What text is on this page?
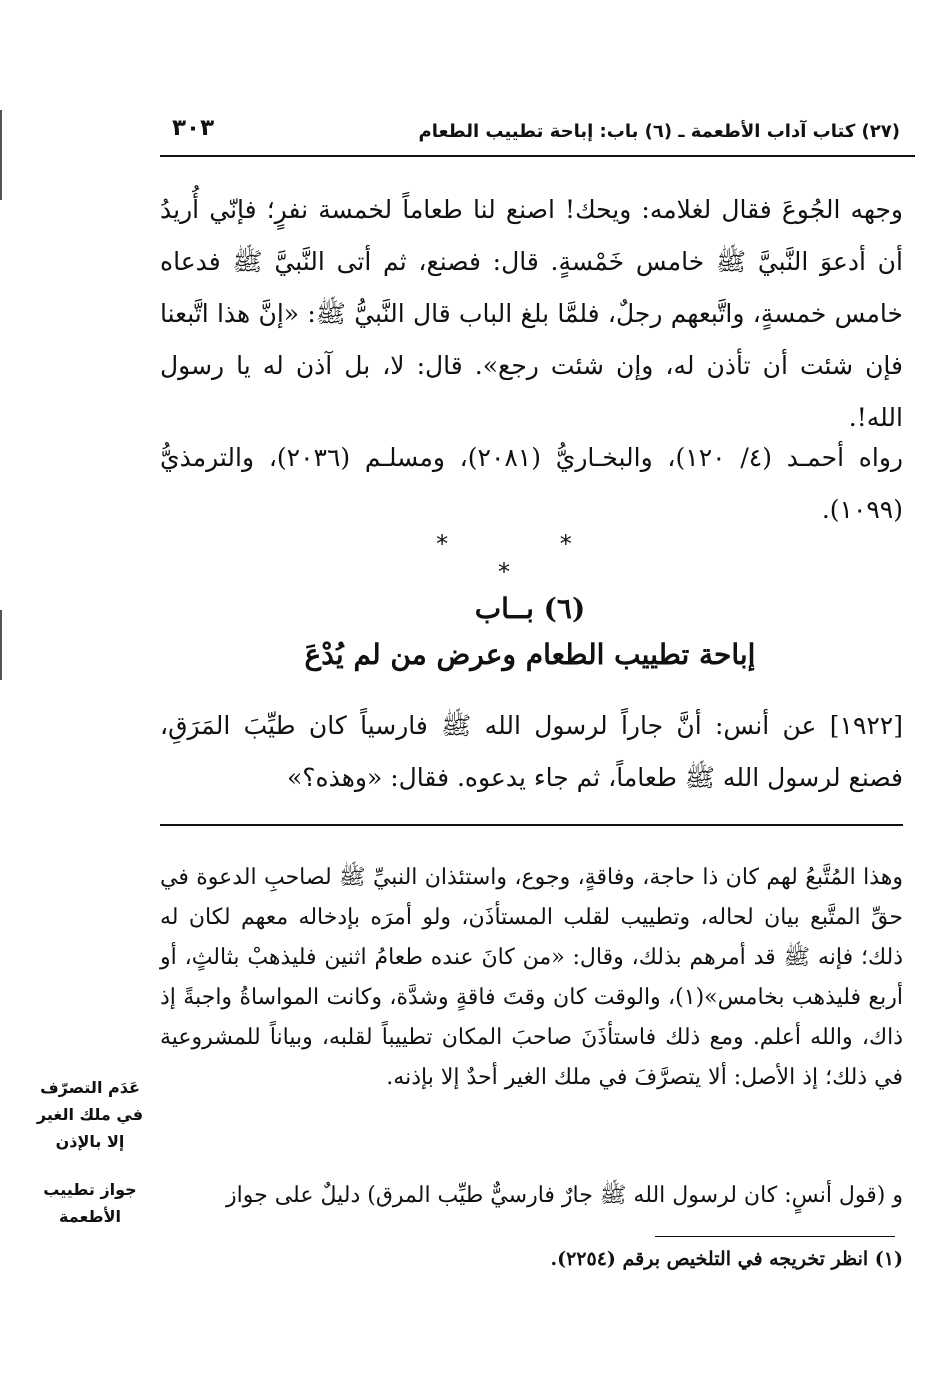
(٢٧) كتاب آداب الأطعمة ـ (٦) باب: إباحة تطييب الطعام
٣٠٣
وجهه الجُوعَ فقال لغلامه: ويحك! اصنع لنا طعاماً لخمسة نفرٍ؛ فإنّي أُريدُ أن أدعوَ النَّبيَّ ﷺ خامس خَمْسةٍ. قال: فصنع، ثم أتى النَّبيَّ ﷺ فدعاه خامس خمسةٍ، واتَّبعهم رجلٌ، فلمَّا بلغ الباب قال النَّبيُّ ﷺ: «إنَّ هذا اتَّبعنا فإن شئت أن تأذن له، وإن شئت رجع». قال: لا، بل آذن له يا رسول الله!.
رواه أحمـد (٤/ ١٢٠)، والبخـاريُّ (٢٠٨١)، ومسلـم (٢٠٣٦)، والترمذيُّ (١٠٩٩).
* * *
(٦) بــاب
إباحة تطييب الطعام وعرض من لم يُدْعَ
[١٩٢٢] عن أنس: أنَّ جاراً لرسول الله ﷺ فارسياً كان طيِّبَ المَرَقِ، فصنع لرسول الله ﷺ طعاماً، ثم جاء يدعوه. فقال: «وهذه؟»
وهذا المُتَّبعُ لهم كان ذا حاجة، وفاقةٍ، وجوع، واستئذان النبيِّ ﷺ لصاحبِ الدعوة في حقِّ المتَّبع بيان لحاله، وتطييب لقلب المستأذَن، ولو أمرَه بإدخاله معهم لكان له ذلك؛ فإنه ﷺ قد أمرهم بذلك، وقال: «من كانَ عنده طعامُ اثنين فليذهبْ بثالثٍ، أو أربع فليذهب بخامس»(١)، والوقت كان وقتَ فاقةٍ وشدَّة، وكانت المواساةُ واجبةً إذ ذاك، والله أعلم. ومع ذلك فاستأذَنَ صاحبَ المكان تطييباً لقلبه، وبياناً للمشروعية في ذلك؛ إذ الأصل: ألا يتصرَّفَ في ملك الغير أحدٌ إلا بإذنه.
و (قول أنسٍ: كان لرسول الله ﷺ جارٌ فارسيٌّ طيِّب المرق) دليلٌ على جواز
عَدَم التصرّف في ملك الغير إلا بالإذن
جواز تطييب الأطعمة
(١) انظر تخريجه في التلخيص برقم (٢٢٥٤).
